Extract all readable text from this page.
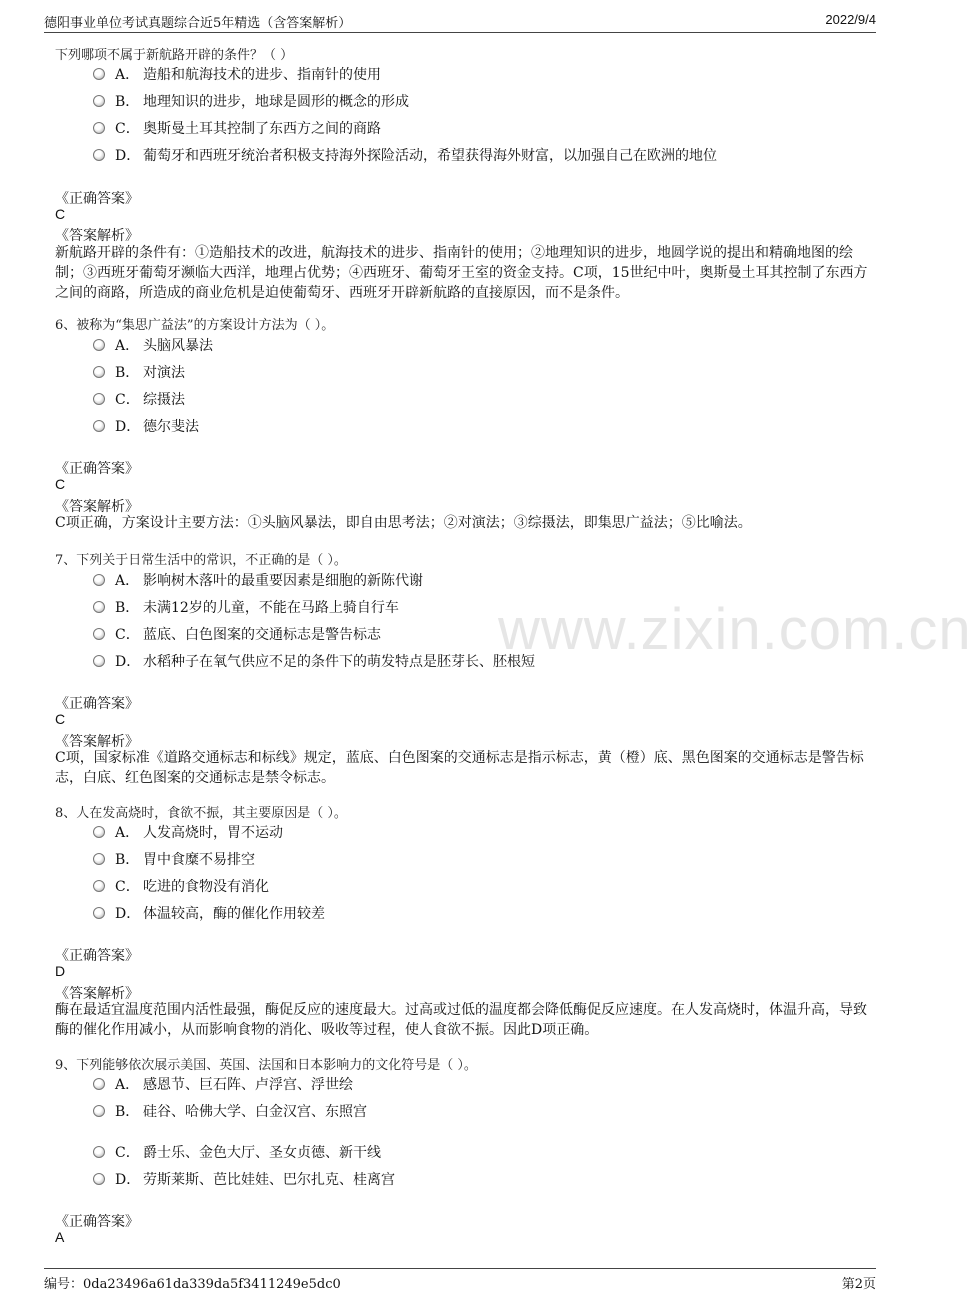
德阳事业单位考试真题综合近5年精选（含答案解析）	2022/9/4
www.zixin.com.cn
下列哪项不属于新航路开辟的条件？（ ）
A． 造船和航海技术的进步、指南针的使用
B． 地理知识的进步，地球是圆形的概念的形成
C． 奥斯曼土耳其控制了东西方之间的商路
D． 葡萄牙和西班牙统治者积极支持海外探险活动，希望获得海外财富，以加强自己在欧洲的地位
《正确答案》
C
《答案解析》
新航路开辟的条件有：①造船技术的改进，航海技术的进步、指南针的使用；②地理知识的进步，地圆学说的提出和精确地图的绘制；③西班牙葡萄牙濒临大西洋，地理占优势；④西班牙、葡萄牙王室的资金支持。C项，15世纪中叶，奥斯曼土耳其控制了东西方之间的商路，所造成的商业危机是迫使葡萄牙、西班牙开辟新航路的直接原因，而不是条件。
6、被称为“集思广益法”的方案设计方法为（ ）。
A． 头脑风暴法
B． 对演法
C． 综摄法
D． 德尔斐法
《正确答案》
C
《答案解析》
C项正确，方案设计主要方法：①头脑风暴法，即自由思考法；②对演法；③综摄法，即集思广益法；⑤比喻法。
7、下列关于日常生活中的常识，不正确的是（ ）。
A． 影响树木落叶的最重要因素是细胞的新陈代谢
B． 未满12岁的儿童，不能在马路上骑自行车
C． 蓝底、白色图案的交通标志是警告标志
D． 水稻种子在氧气供应不足的条件下的萌发特点是胚芽长、胚根短
《正确答案》
C
《答案解析》
C项，国家标准《道路交通标志和标线》规定，蓝底、白色图案的交通标志是指示标志，黄（橙）底、黑色图案的交通标志是警告标志，白底、红色图案的交通标志是禁令标志。
8、人在发高烧时，食欲不振，其主要原因是（ ）。
A． 人发高烧时，胃不运动
B． 胃中食糜不易排空
C． 吃进的食物没有消化
D． 体温较高，酶的催化作用较差
《正确答案》
D
《答案解析》
酶在最适宜温度范围内活性最强，酶促反应的速度最大。过高或过低的温度都会降低酶促反应速度。在人发高烧时，体温升高，导致酶的催化作用减小，从而影响食物的消化、吸收等过程，使人食欲不振。因此D项正确。
9、下列能够依次展示美国、英国、法国和日本影响力的文化符号是（ ）。
A． 感恩节、巨石阵、卢浮宫、浮世绘
B． 硅谷、哈佛大学、白金汉宫、东照宫
C． 爵士乐、金色大厅、圣女贞德、新干线
D． 劳斯莱斯、芭比娃娃、巴尔扎克、桂离宫
《正确答案》
A
编号：0da23496a61da339da5f3411249e5dc0	第2页
